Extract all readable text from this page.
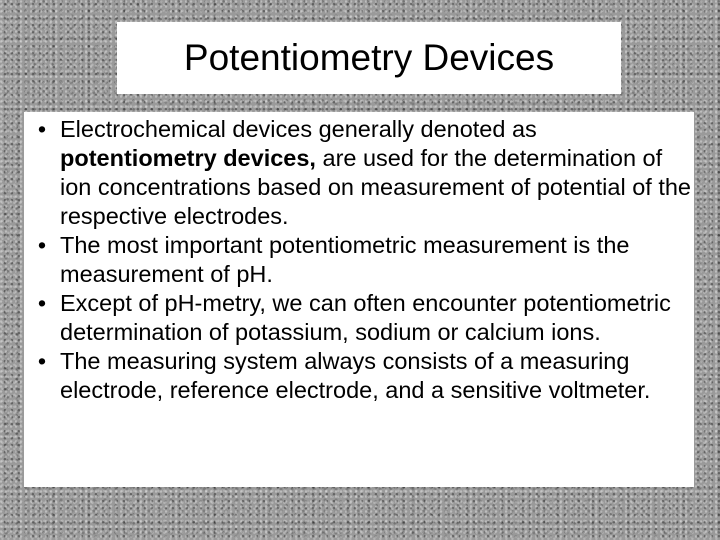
Potentiometry Devices
• Electrochemical devices generally denoted as potentiometry devices, are used for the determination of ion concentrations based on measurement of potential of the respective electrodes.
• The most important potentiometric measurement is the measurement of pH.
• Except of pH-metry, we can often encounter potentiometric determination of potassium, sodium or calcium ions.
• The measuring system always consists of a measuring electrode, reference electrode, and a sensitive voltmeter.
